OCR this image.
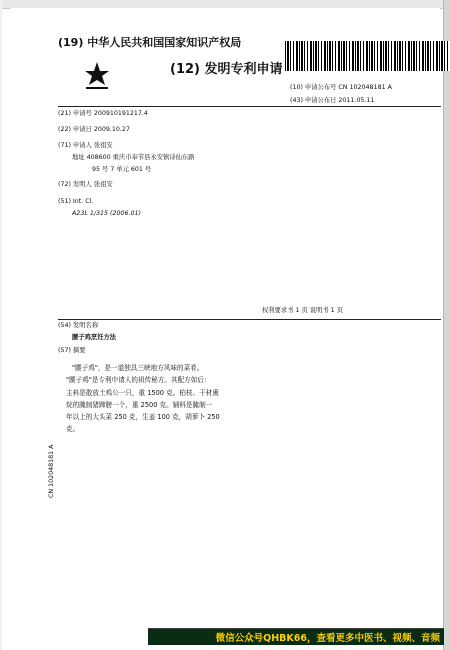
(19) 中华人民共和国国家知识产权局
(12) 发明专利申请
(10) 申请公布号 CN 102048181 A
(43) 申请公布日 2011.05.11
(21) 申请号 200910191217.4
(22) 申请日 2009.10.27
(71) 申请人 张祖安
地址 408600 重庆市奉节县永安镇诗仙东路
95 号 7 单元 601 号
(72) 发明人 张祖安
(51) Int. Cl.
A23L 1/315 (2006.01)
权利要求书 1 页 说明书 1 页
(54) 发明名称
腰子鸡烹饪方法
(57) 摘要
"腰子鸡"，是一道独具三峡地方风味的菜肴。
"腰子鸡"是专利申请人的祖传秘方。其配方如后：
主料是散放土鸡公一只，重 1500 克。柏枝、干材熏
烷的腌制猪蹄膀一个，重 2500 克。辅料是腌制一
年以上的大头菜 250 克，生姜 100 克，胡萝卜 250
克。
CN 102048181 A
微信公众号QHBK66，查看更多中医书、视频、音频
